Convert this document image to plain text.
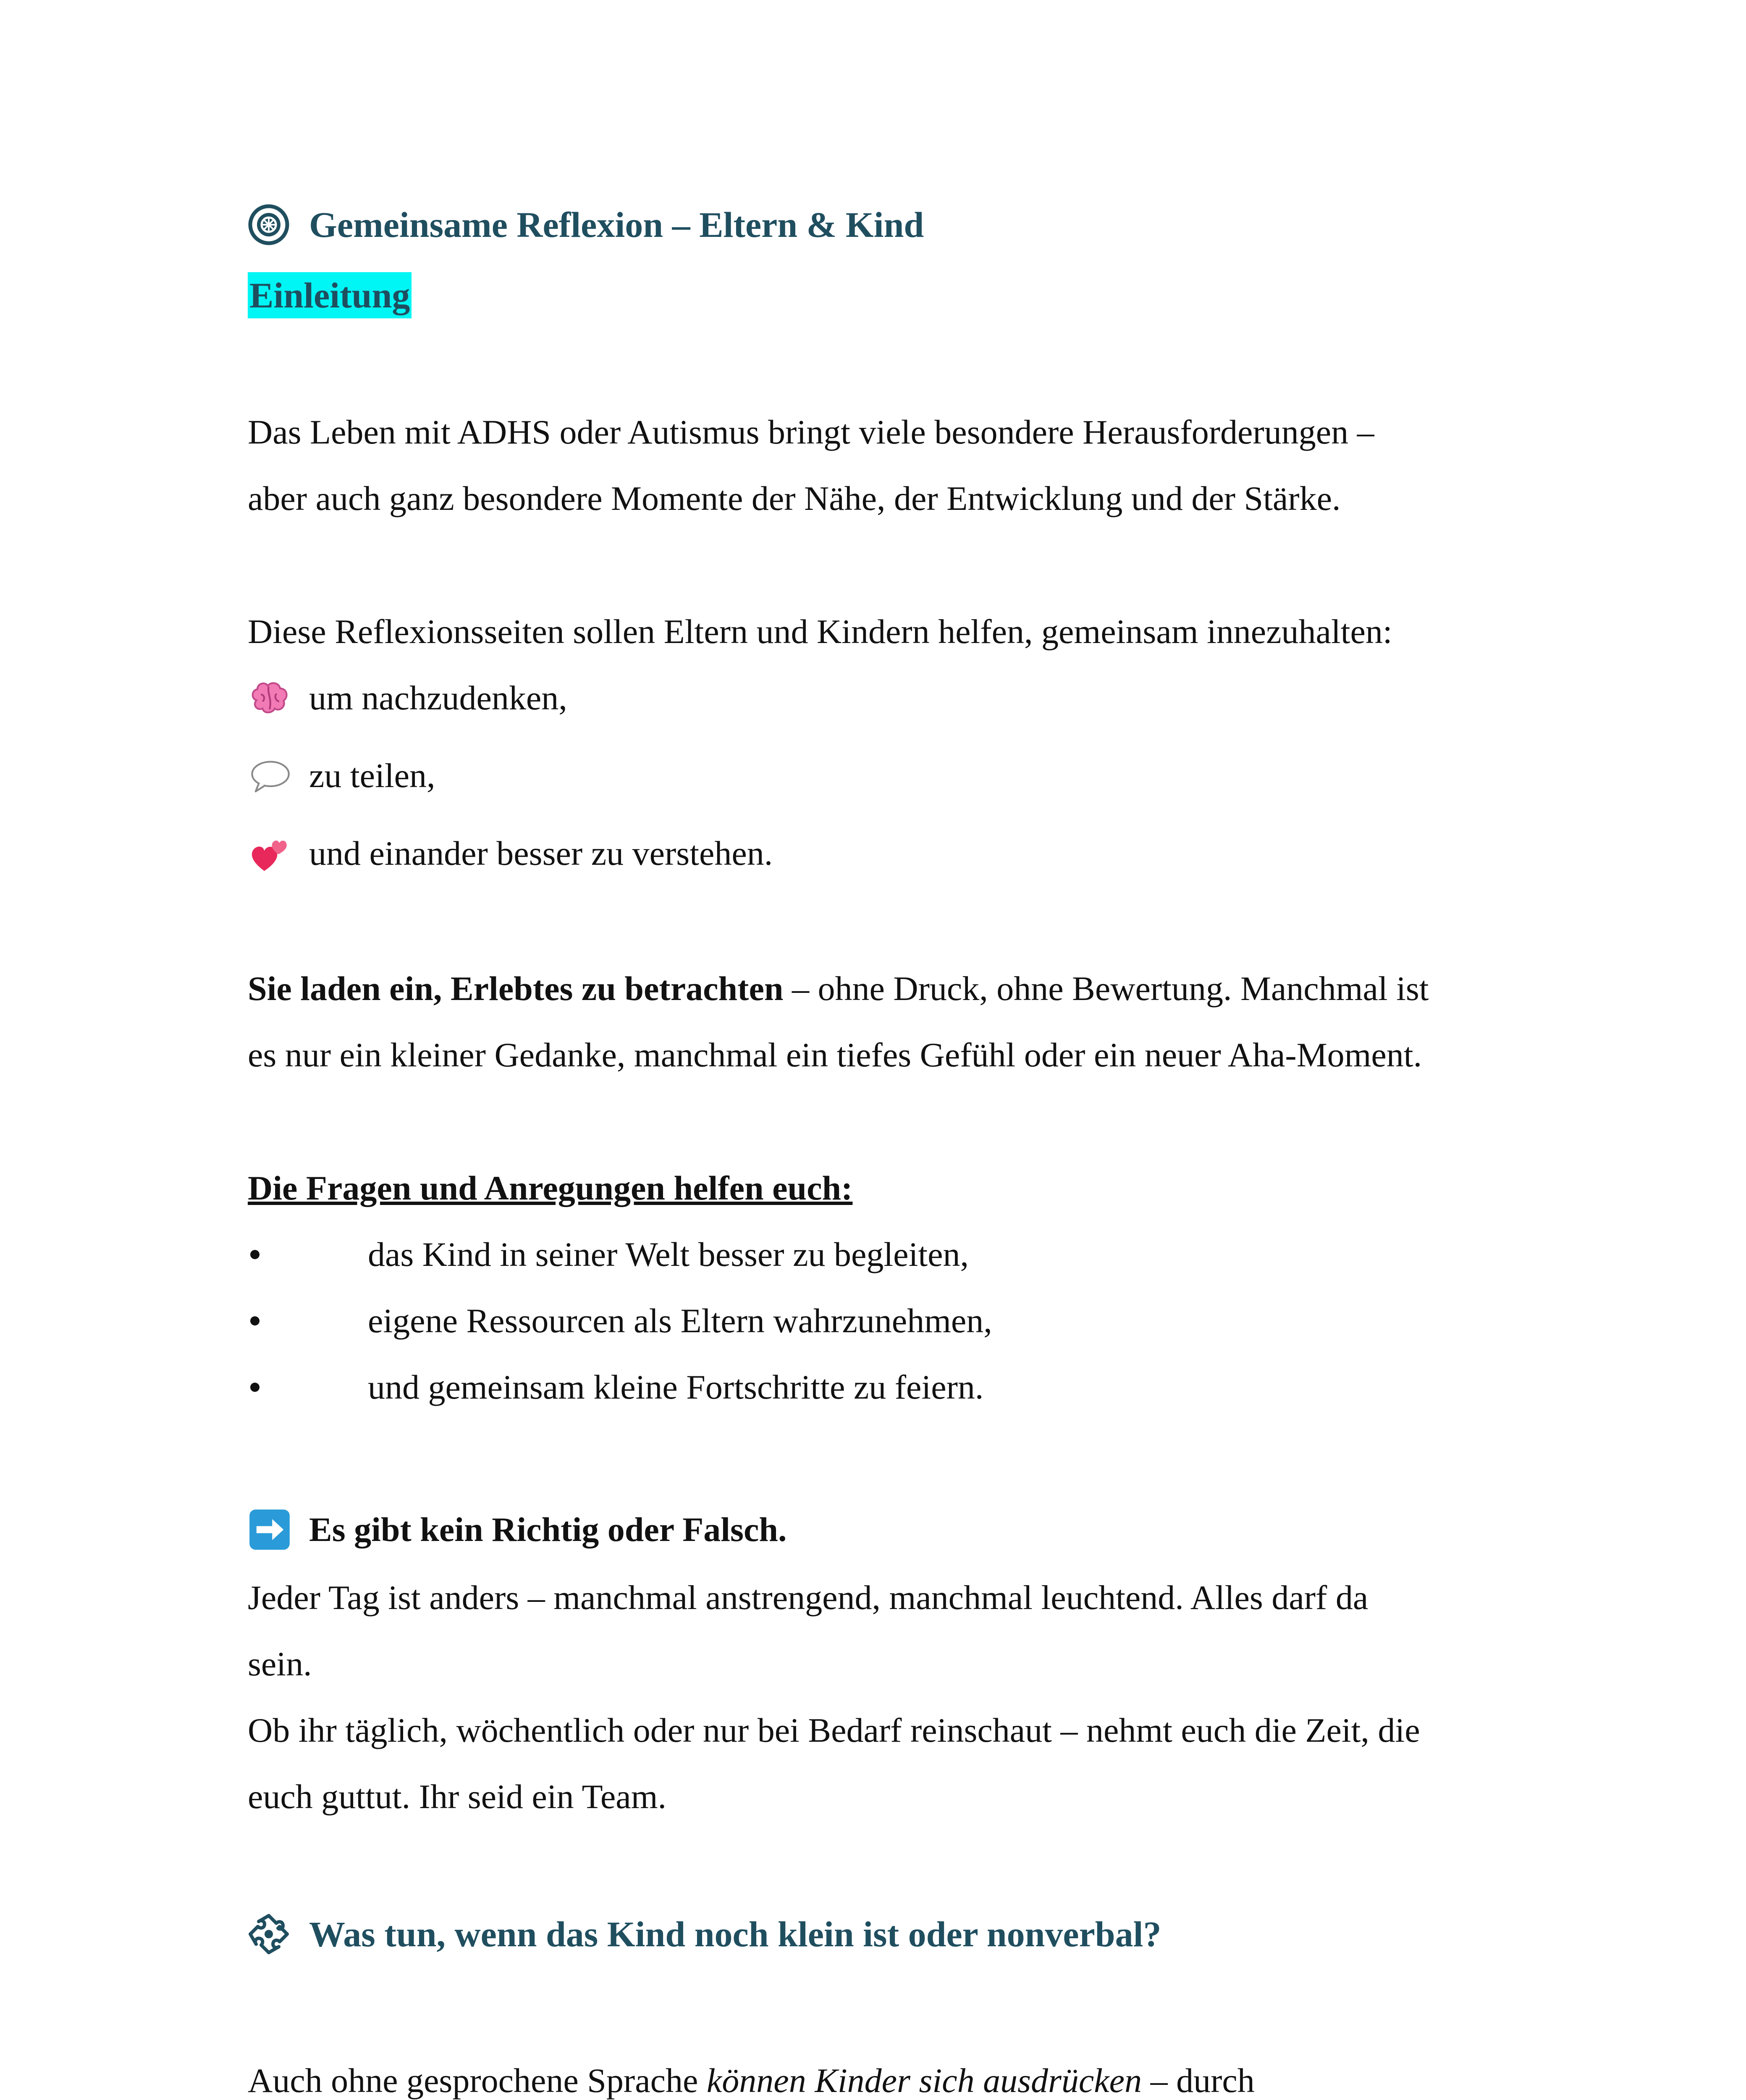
Gemeinsame Reflexion – Eltern & Kind
Einleitung

Das Leben mit ADHS oder Autismus bringt viele besondere Herausforderungen –

aber auch ganz besondere Momente der Nähe, der Entwicklung und der Stärke.

Diese Reflexionsseiten sollen Eltern und Kindern helfen, gemeinsam innezuhalten:

um nachzudenken,
zu teilen,
und einander besser zu verstehen.

Sie laden ein, Erlebtes zu betrachten – ohne Druck, ohne Bewertung. Manchmal ist

es nur ein kleiner Gedanke, manchmal ein tiefes Gefühl oder ein neuer Aha-Moment.

Die Fragen und Anregungen helfen euch:

das Kind in seiner Welt besser zu begleiten,
eigene Ressourcen als Eltern wahrzunehmen,
und gemeinsam kleine Fortschritte zu feiern.
Es gibt kein Richtig oder Falsch.

Jeder Tag ist anders – manchmal anstrengend, manchmal leuchtend. Alles darf da

sein.

Ob ihr täglich, wöchentlich oder nur bei Bedarf reinschaut – nehmt euch die Zeit, die

euch guttut. Ihr seid ein Team.

Was tun, wenn das Kind noch klein ist oder nonverbal?

Auch ohne gesprochene Sprache können Kinder sich ausdrücken – durch
